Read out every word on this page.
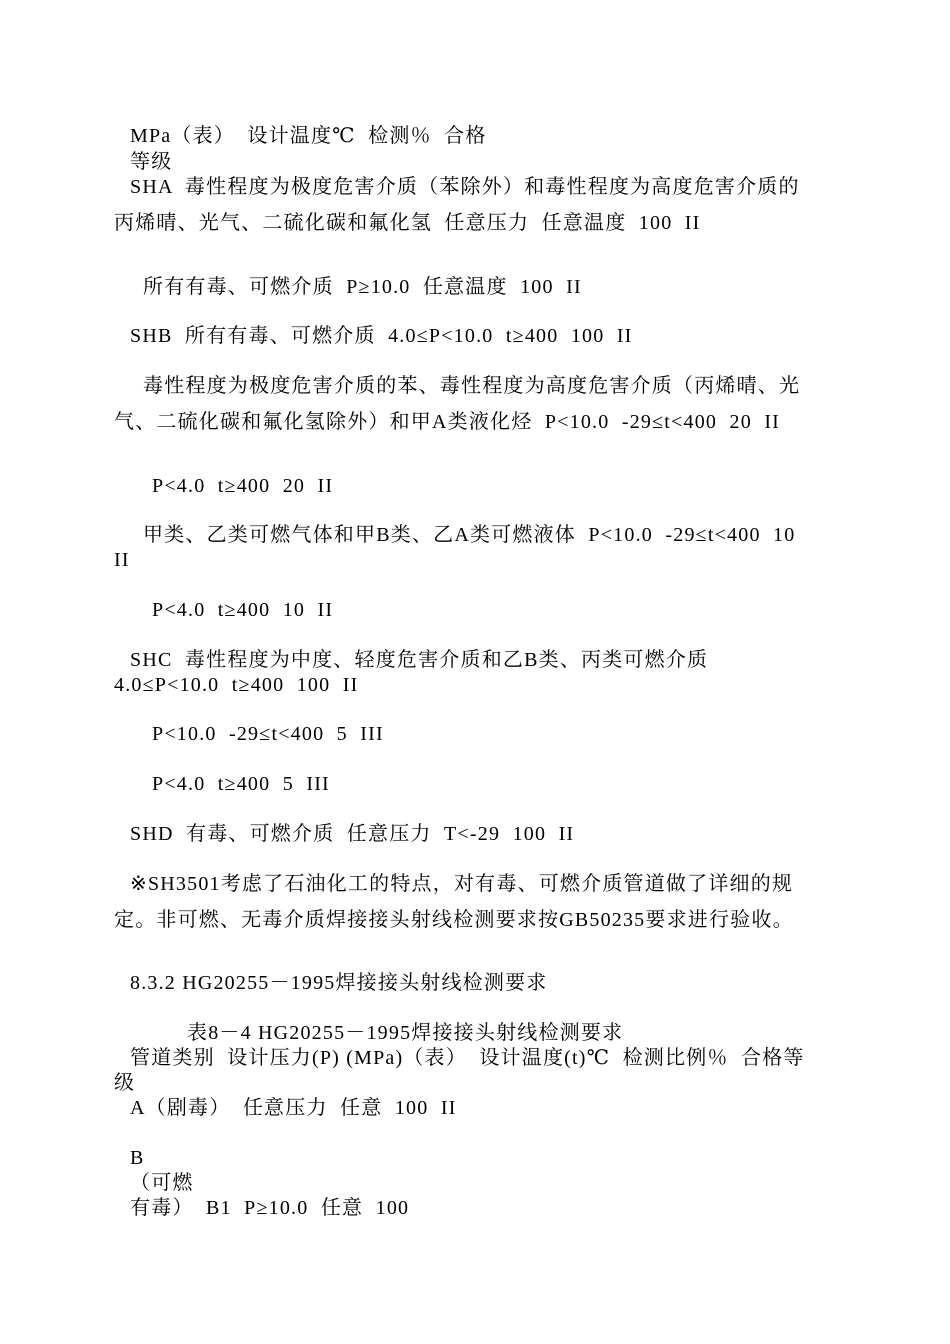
MPa（表）  设计温度℃  检测％  合格
等级
SHA  毒性程度为极度危害介质（苯除外）和毒性程度为高度危害介质的
丙烯晴、光气、二硫化碳和氟化氢  任意压力  任意温度  100  II
所有有毒、可燃介质  P≥10.0  任意温度  100  II
SHB  所有有毒、可燃介质  4.0≤P<10.0  t≥400  100  II
毒性程度为极度危害介质的苯、毒性程度为高度危害介质（丙烯晴、光
气、二硫化碳和氟化氢除外）和甲A类液化烃  P<10.0  -29≤t<400  20  II
P<4.0  t≥400  20  II
甲类、乙类可燃气体和甲B类、乙A类可燃液体  P<10.0  -29≤t<400  10
II
P<4.0  t≥400  10  II
SHC  毒性程度为中度、轻度危害介质和乙B类、丙类可燃介质
4.0≤P<10.0  t≥400  100  II
P<10.0  -29≤t<400  5  III
P<4.0  t≥400  5  III
SHD  有毒、可燃介质  任意压力  T<-29  100  II
※SH3501考虑了石油化工的特点，对有毒、可燃介质管道做了详细的规
定。非可燃、无毒介质焊接接头射线检测要求按GB50235要求进行验收。
8.3.2 HG20255－1995焊接接头射线检测要求
表8－4 HG20255－1995焊接接头射线检测要求
管道类别  设计压力(P) (MPa)（表）  设计温度(t)℃  检测比例％  合格等
级
A（剧毒）  任意压力  任意  100  II
B
（可燃
有毒）  B1  P≥10.0  任意  100
